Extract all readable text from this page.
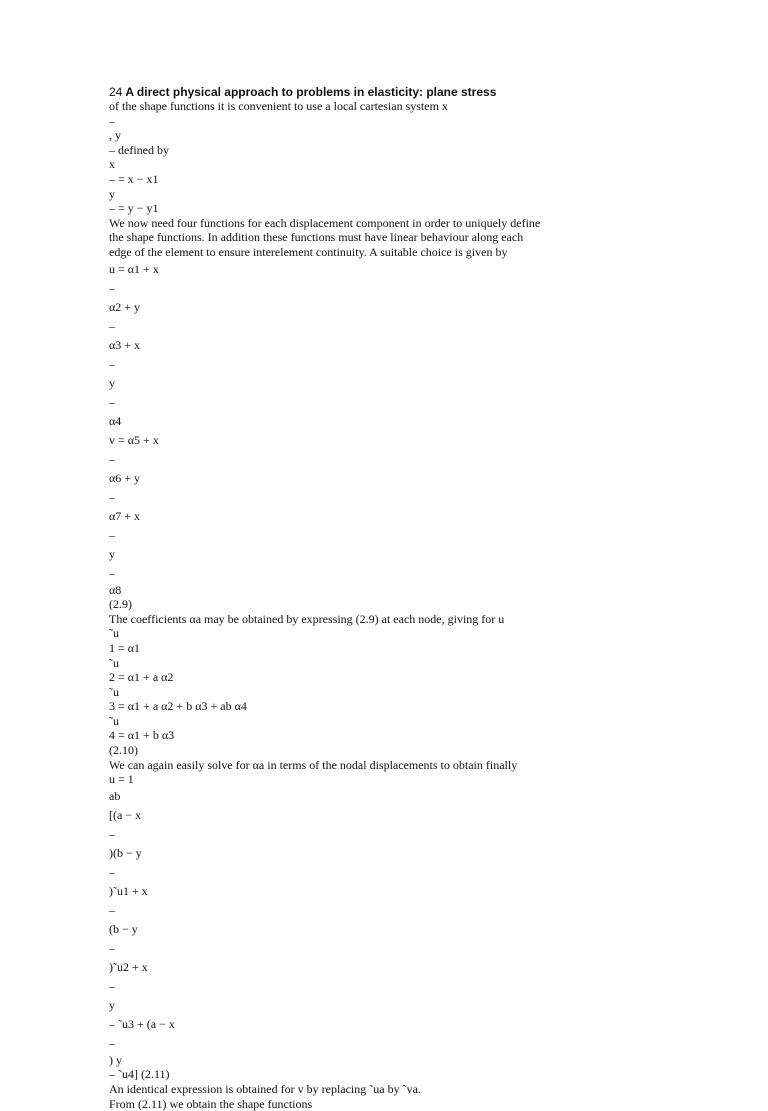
24 A direct physical approach to problems in elasticity: plane stress
of the shape functions it is convenient to use a local cartesian system x
–
, y
– defined by
x
– = x − x1
y
– = y − y1
We now need four functions for each displacement component in order to uniquely define
the shape functions. In addition these functions must have linear behaviour along each
edge of the element to ensure interelement continuity. A suitable choice is given by
u = α1 + x
–
α2 + y
–
α3 + x
–
y
–
α4
v = α5 + x
–
α6 + y
–
α7 + x
–
y
–
α8
(2.9)
The coefficients αa may be obtained by expressing (2.9) at each node, giving for u
˜u
1 = α1
˜u
2 = α1 + a α2
˜u
3 = α1 + a α2 + b α3 + ab α4
˜u
4 = α1 + b α3
(2.10)
We can again easily solve for αa in terms of the nodal displacements to obtain finally
u = 1
ab
[(a − x
–
)(b − y
–
)˜u1 + x
–
(b − y
–
)˜u2 + x
–
y
– ˜u3 + (a − x
–
) y
– ˜u4] (2.11)
An identical expression is obtained for v by replacing ˜ua by ˜va.
From (2.11) we obtain the shape functions
